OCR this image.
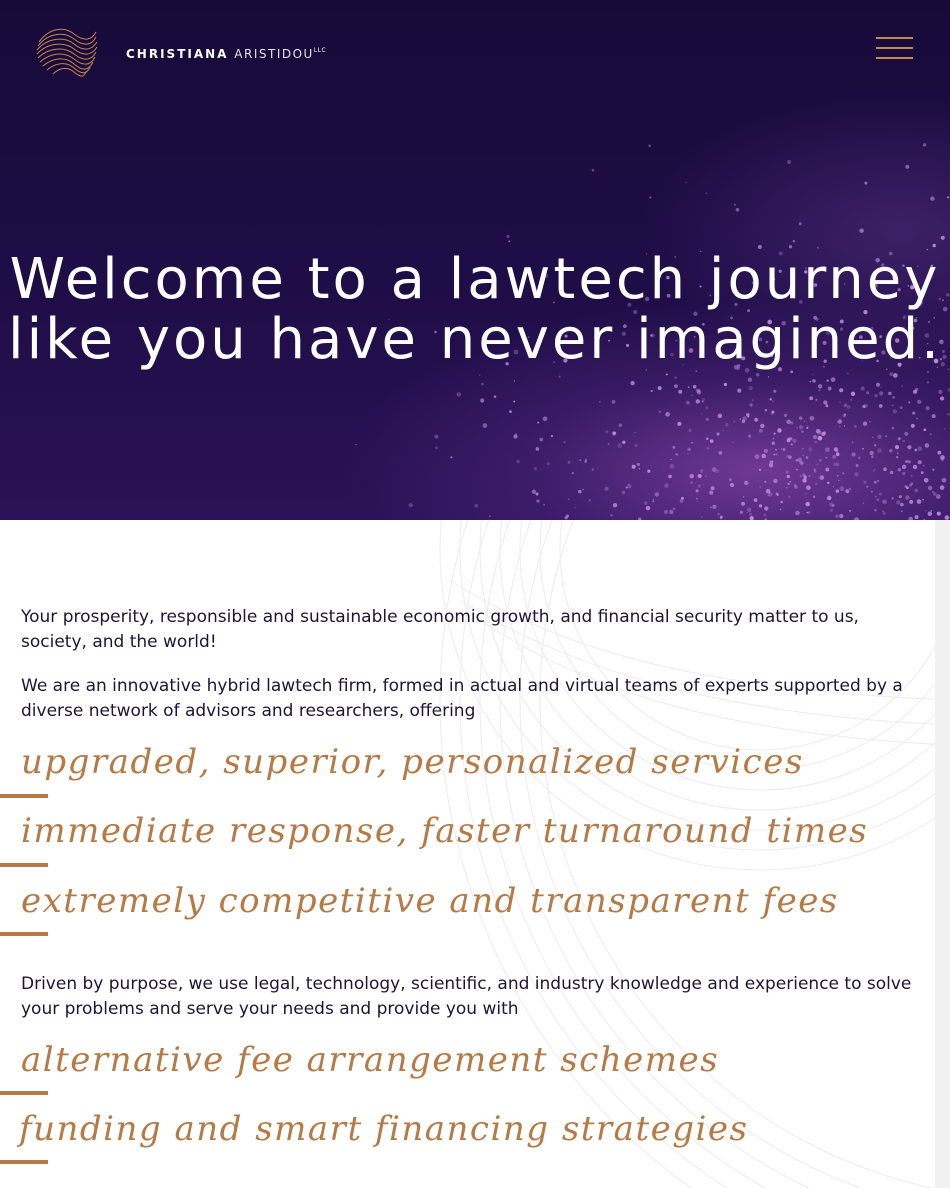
CHRISTIANA $ARISTIDOU^{LLC}$
Welcome to a lawtech journey
like you have never imagined.

Your prosperity, responsible and sustainable economic growth, and financial security matter to us, society, and the world!

We are an innovative hybrid lawtech firm, formed in actual and virtual teams of experts supported by a diverse network of advisors and researchers, offering

upgraded, superior, personalized services

immediate response, faster turnaround times

extremely competitive and transparent fees

Driven by purpose, we use legal, technology, scientific, and industry knowledge and experience to solve your problems and serve your needs and provide you with

alternative fee arrangement schemes

funding and smart financing strategies
